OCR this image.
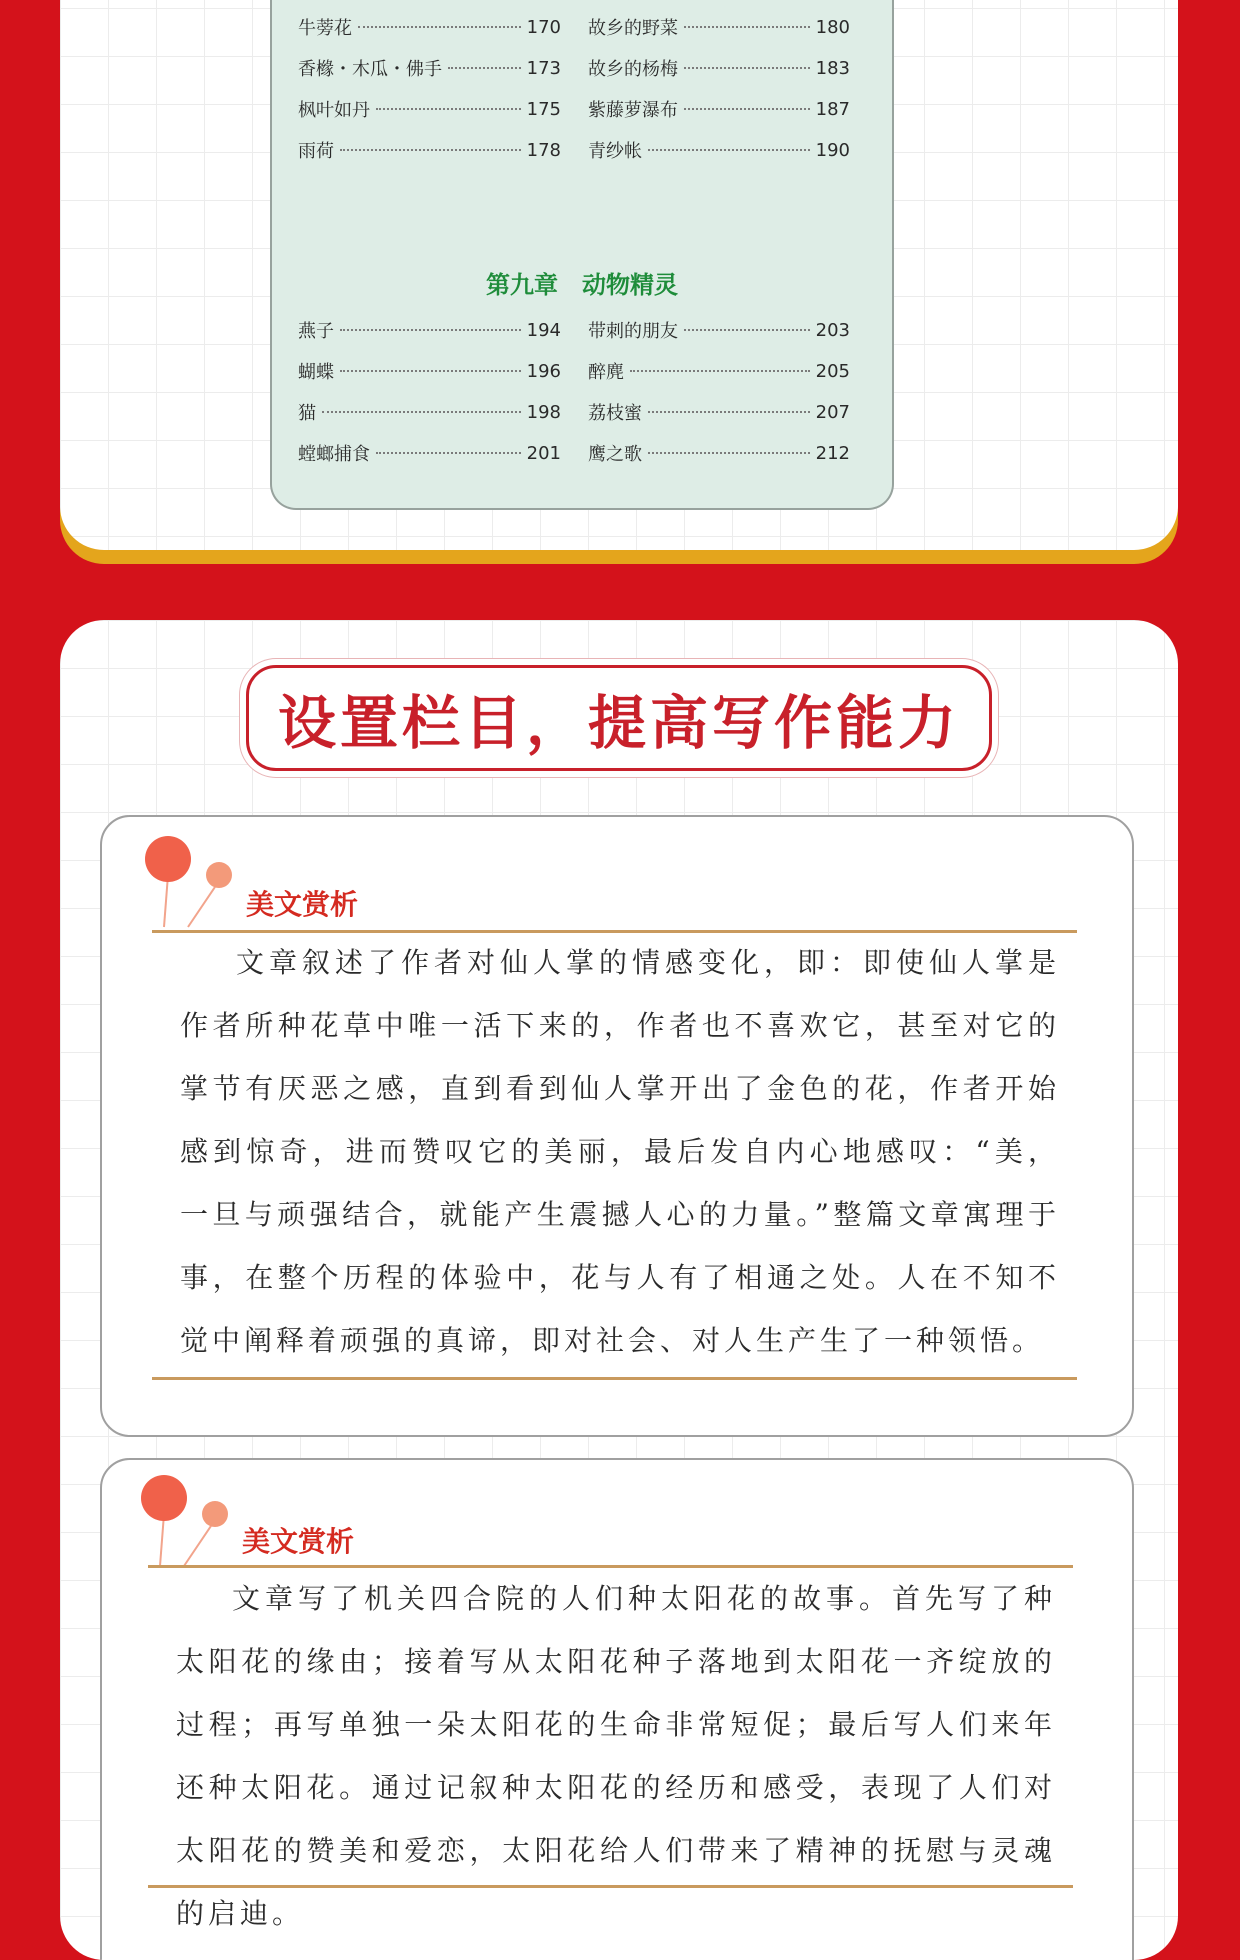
牛蒡花	170 故乡的野菜	180
香橼・木瓜・佛手	173 故乡的杨梅	183
枫叶如丹	175 紫藤萝瀑布	187
雨荷	178 青纱帐	190
第九章　动物精灵
燕子	194 带刺的朋友	203
蝴蝶	196 醉麂	205
猫	198 荔枝蜜	207
螳螂捕食	201 鹰之歌	212
设置栏目，提高写作能力
美文赏析

文章叙述了作者对仙人掌的情感变化，即：即使仙人掌是作者所种花草中唯一活下来的，作者也不喜欢它，甚至对它的掌节有厌恶之感，直到看到仙人掌开出了金色的花，作者开始感到惊奇，进而赞叹它的美丽，最后发自内心地感叹：“美，一旦与顽强结合，就能产生震撼人心的力量。”整篇文章寓理于事，在整个历程的体验中，花与人有了相通之处。人在不知不觉中阐释着顽强的真谛，即对社会、对人生产生了一种领悟。

美文赏析

文章写了机关四合院的人们种太阳花的故事。首先写了种太阳花的缘由；接着写从太阳花种子落地到太阳花一齐绽放的过程；再写单独一朵太阳花的生命非常短促；最后写人们来年还种太阳花。通过记叙种太阳花的经历和感受，表现了人们对太阳花的赞美和爱恋，太阳花给人们带来了精神的抚慰与灵魂的启迪。
